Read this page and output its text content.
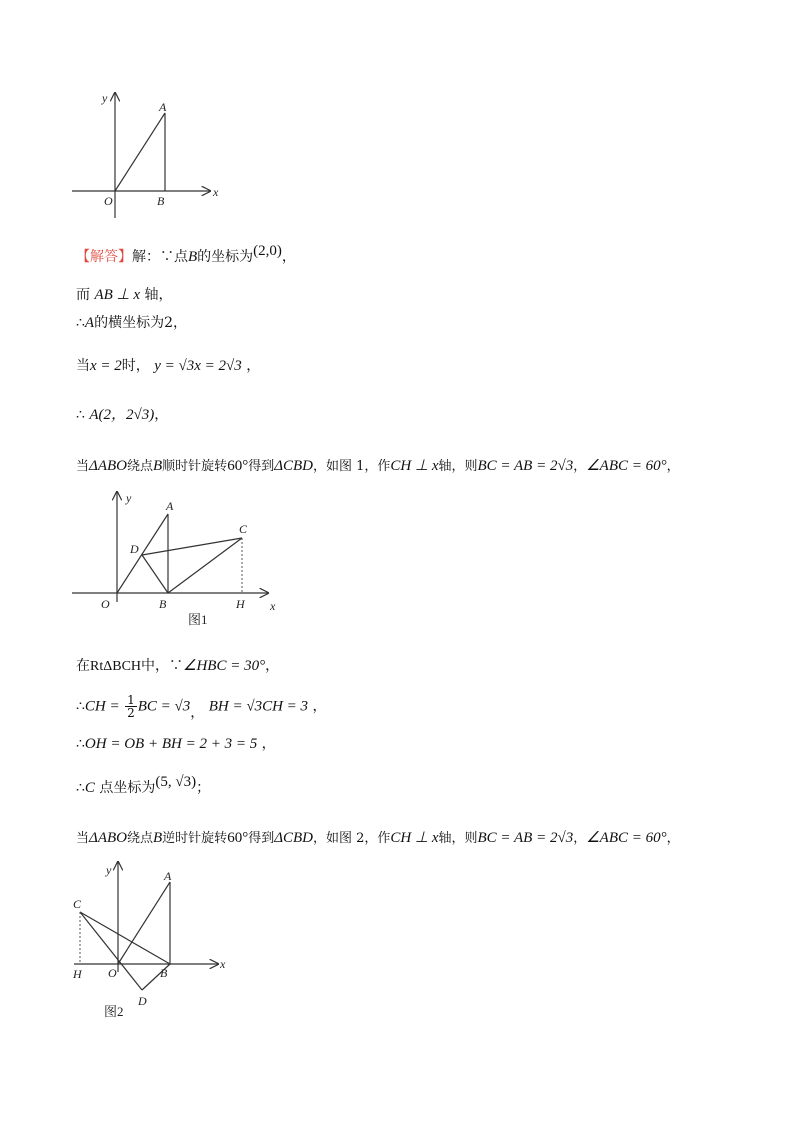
y
x
A
O	B
【解答】解：∵点B的坐标为(2,0)，
而 AB ⊥ x 轴，
∴A的横坐标为2，
当x = 2时， y = √3x = 2√3 ，
∴ A(2，2√3)，
当ΔABO绕点B顺时针旋转60°得到ΔCBD，如图 1，作CH ⊥ x轴，则BC = AB = 2√3，∠ABC = 60°，
y
x
A
C
D
O	B	H
图1
在RtΔBCH中，∵∠HBC = 30°，
∴CH = $\frac{1}{2}$ BC = √3， BH = √3CH = 3 ，
∴OH = OB + BH = 2 + 3 = 5 ，
∴C 点坐标为(5, √3)；
当ΔABO绕点B逆时针旋转60°得到ΔCBD，如图 2，作CH ⊥ x轴，则BC = AB = 2√3，∠ABC = 60°，
y
x
A
C
D
O	B
H
图2
